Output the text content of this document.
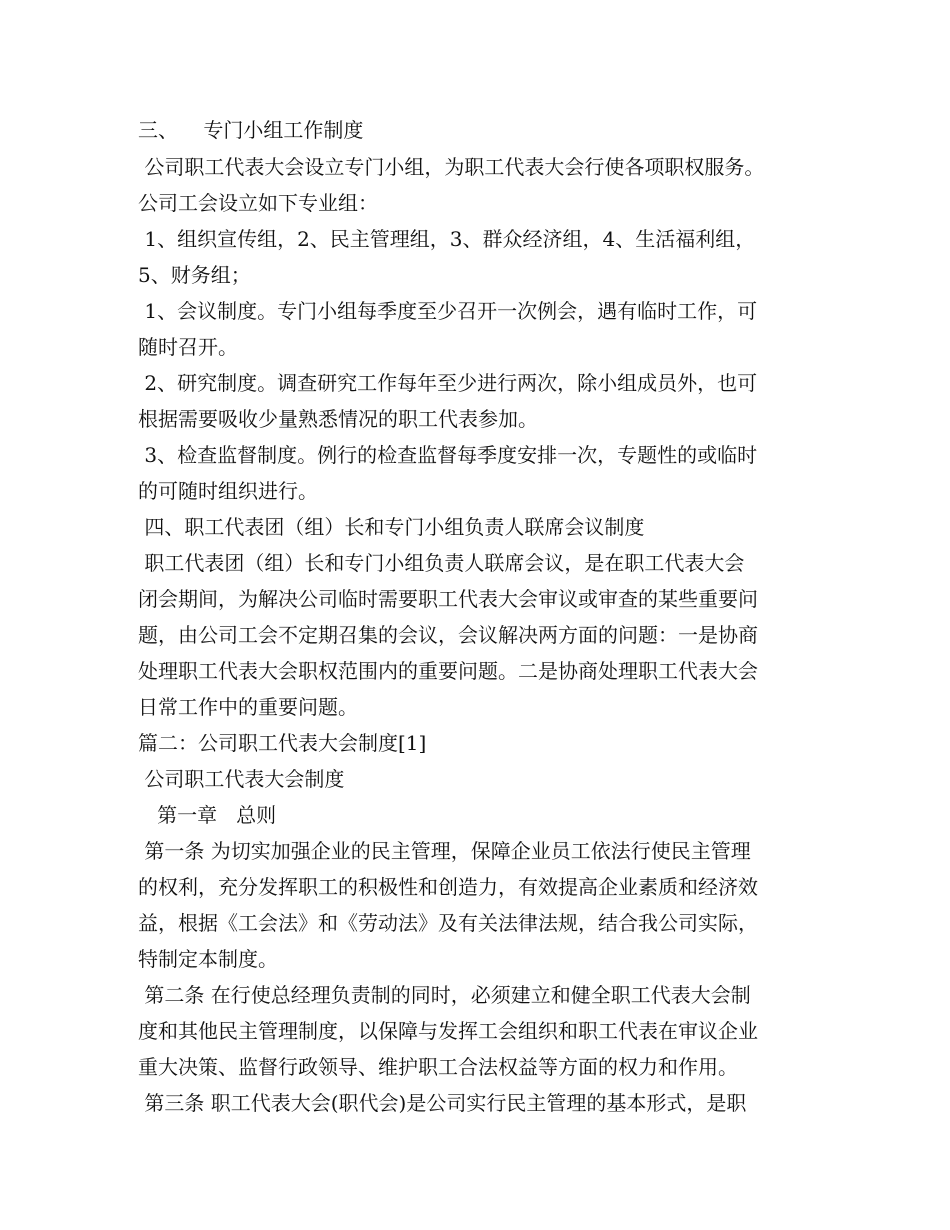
三、    专门小组工作制度
公司职工代表大会设立专门小组，为职工代表大会行使各项职权服务。
公司工会设立如下专业组：
1、组织宣传组，2、民主管理组，3、群众经济组，4、生活福利组，
5、财务组；
1、会议制度。专门小组每季度至少召开一次例会，遇有临时工作，可
随时召开。
2、研究制度。调查研究工作每年至少进行两次，除小组成员外，也可
根据需要吸收少量熟悉情况的职工代表参加。
3、检查监督制度。例行的检查监督每季度安排一次，专题性的或临时
的可随时组织进行。
四、职工代表团（组）长和专门小组负责人联席会议制度
职工代表团（组）长和专门小组负责人联席会议，是在职工代表大会
闭会期间，为解决公司临时需要职工代表大会审议或审查的某些重要问
题，由公司工会不定期召集的会议，会议解决两方面的问题：一是协商
处理职工代表大会职权范围内的重要问题。二是协商处理职工代表大会
日常工作中的重要问题。
篇二：公司职工代表大会制度[1]
公司职工代表大会制度
第一章   总则
第一条 为切实加强企业的民主管理，保障企业员工依法行使民主管理
的权利，充分发挥职工的积极性和创造力，有效提高企业素质和经济效
益，根据《工会法》和《劳动法》及有关法律法规，结合我公司实际，
特制定本制度。
第二条 在行使总经理负责制的同时，必须建立和健全职工代表大会制
度和其他民主管理制度，以保障与发挥工会组织和职工代表在审议企业
重大决策、监督行政领导、维护职工合法权益等方面的权力和作用。
第三条 职工代表大会(职代会)是公司实行民主管理的基本形式，是职
